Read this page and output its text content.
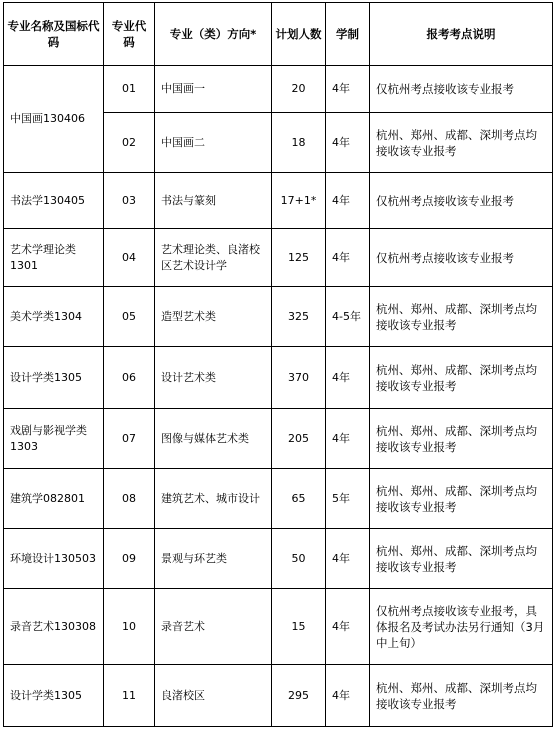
专业名称及国标代码	专业代码	专业（类）方向*	计划人数	学制	报考考点说明
中国画130406	01	中国画一	20	4年	仅杭州考点接收该专业报考
	02	中国画二	18	4年	杭州、郑州、成都、深圳考点均接收该专业报考
书法学130405	03	书法与篆刻	17+1*	4年	仅杭州考点接收该专业报考
艺术学理论类1301	04	艺术理论类、良渚校区艺术设计学	125	4年	仅杭州考点接收该专业报考
美术学类1304	05	造型艺术类	325	4-5年	杭州、郑州、成都、深圳考点均接收该专业报考
设计学类1305	06	设计艺术类	370	4年	杭州、郑州、成都、深圳考点均接收该专业报考
戏剧与影视学类1303	07	图像与媒体艺术类	205	4年	杭州、郑州、成都、深圳考点均接收该专业报考
建筑学082801	08	建筑艺术、城市设计	65	5年	杭州、郑州、成都、深圳考点均接收该专业报考
环境设计130503	09	景观与环艺类	50	4年	杭州、郑州、成都、深圳考点均接收该专业报考
录音艺术130308	10	录音艺术	15	4年	仅杭州考点接收该专业报考，具体报名及考试办法另行通知（3月中上旬）
设计学类1305	11	良渚校区	295	4年	杭州、郑州、成都、深圳考点均接收该专业报考
